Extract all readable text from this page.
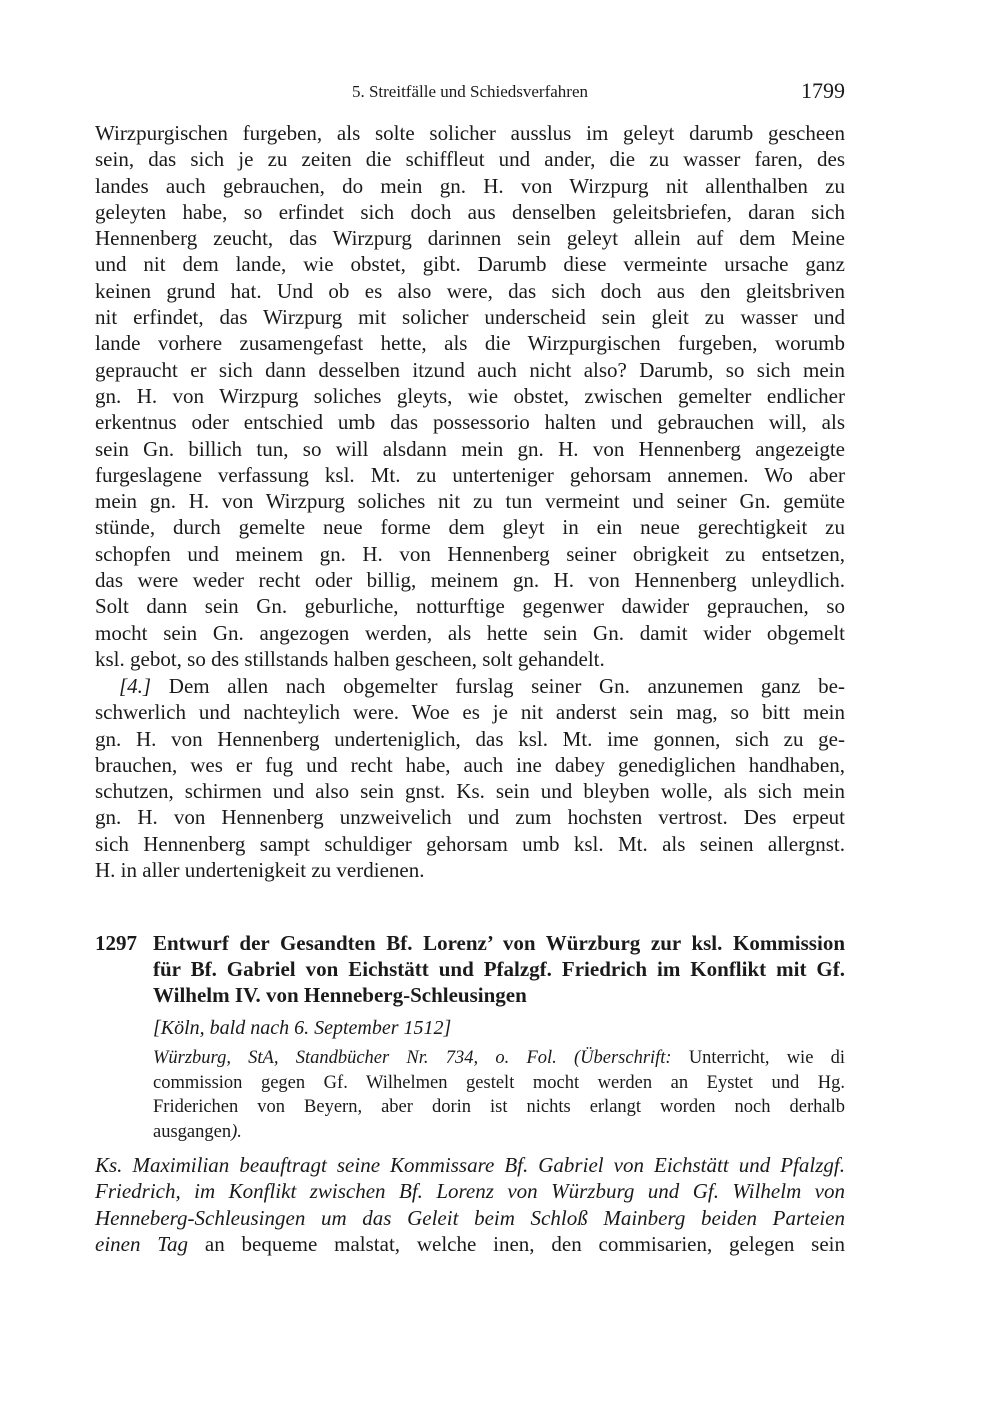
5. Streitfälle und Schiedsverfahren	1799
Wirzpurgischen furgeben, als solte solicher ausslus im geleyt darumb gescheen
sein, das sich je zu zeiten die schiffleut und ander, die zu wasser faren, des
landes auch gebrauchen, do mein gn. H. von Wirzpurg nit allenthalben zu
geleyten habe, so erfindet sich doch aus denselben geleitsbriefen, daran sich
Hennenberg zeucht, das Wirzpurg darinnen sein geleyt allein auf dem Meine
und nit dem lande, wie obstet, gibt. Darumb diese vermeinte ursache ganz
keinen grund hat. Und ob es also were, das sich doch aus den gleitsbriven
nit erfindet, das Wirzpurg mit solicher underscheid sein gleit zu wasser und
lande vorhere zusamengefast hette, als die Wirzpurgischen furgeben, worumb
gepraucht er sich dann desselben itzund auch nicht also? Darumb, so sich mein
gn. H. von Wirzpurg soliches gleyts, wie obstet, zwischen gemelter endlicher
erkentnus oder entschied umb das possessorio halten und gebrauchen will, als
sein Gn. billich tun, so will alsdann mein gn. H. von Hennenberg angezeigte
furgeslagene verfassung ksl. Mt. zu unterteniger gehorsam annemen. Wo aber
mein gn. H. von Wirzpurg soliches nit zu tun vermeint und seiner Gn. gemüte
stünde, durch gemelte neue forme dem gleyt in ein neue gerechtigkeit zu
schopfen und meinem gn. H. von Hennenberg seiner obrigkeit zu entsetzen,
das were weder recht oder billig, meinem gn. H. von Hennenberg unleydlich.
Solt dann sein Gn. geburliche, notturftige gegenwer dawider geprauchen, so
mocht sein Gn. angezogen werden, als hette sein Gn. damit wider obgemelt
ksl. gebot, so des stillstands halben gescheen, solt gehandelt.
[4.] Dem allen nach obgemelter furslag seiner Gn. anzunemen ganz be-
schwerlich und nachteylich were. Woe es je nit anderst sein mag, so bitt mein
gn. H. von Hennenberg underteniglich, das ksl. Mt. ime gonnen, sich zu ge-
brauchen, wes er fug und recht habe, auch ine dabey genediglichen handhaben,
schutzen, schirmen und also sein gnst. Ks. sein und bleyben wolle, als sich mein
gn. H. von Hennenberg unzweivelich und zum hochsten vertrost. Des erpeut
sich Hennenberg sampt schuldiger gehorsam umb ksl. Mt. als seinen allergnst.
H. in aller undertenigkeit zu verdienen.
1297 Entwurf der Gesandten Bf. Lorenz’ von Würzburg zur ksl. Kommission
für Bf. Gabriel von Eichstätt und Pfalzgf. Friedrich im Konflikt mit Gf.
Wilhelm IV. von Henneberg-Schleusingen
[Köln, bald nach 6. September 1512]
Würzburg, StA, Standbücher Nr. 734, o. Fol. (Überschrift: Unterricht, wie di
commission gegen Gf. Wilhelmen gestelt mocht werden an Eystet und Hg.
Friderichen von Beyern, aber dorin ist nichts erlangt worden noch derhalb
ausgangen).
Ks. Maximilian beauftragt seine Kommissare Bf. Gabriel von Eichstätt und Pfalzgf.
Friedrich, im Konflikt zwischen Bf. Lorenz von Würzburg und Gf. Wilhelm von
Henneberg-Schleusingen um das Geleit beim Schloß Mainberg beiden Parteien
einen Tag an bequeme malstat, welche inen, den commisarien, gelegen sein
